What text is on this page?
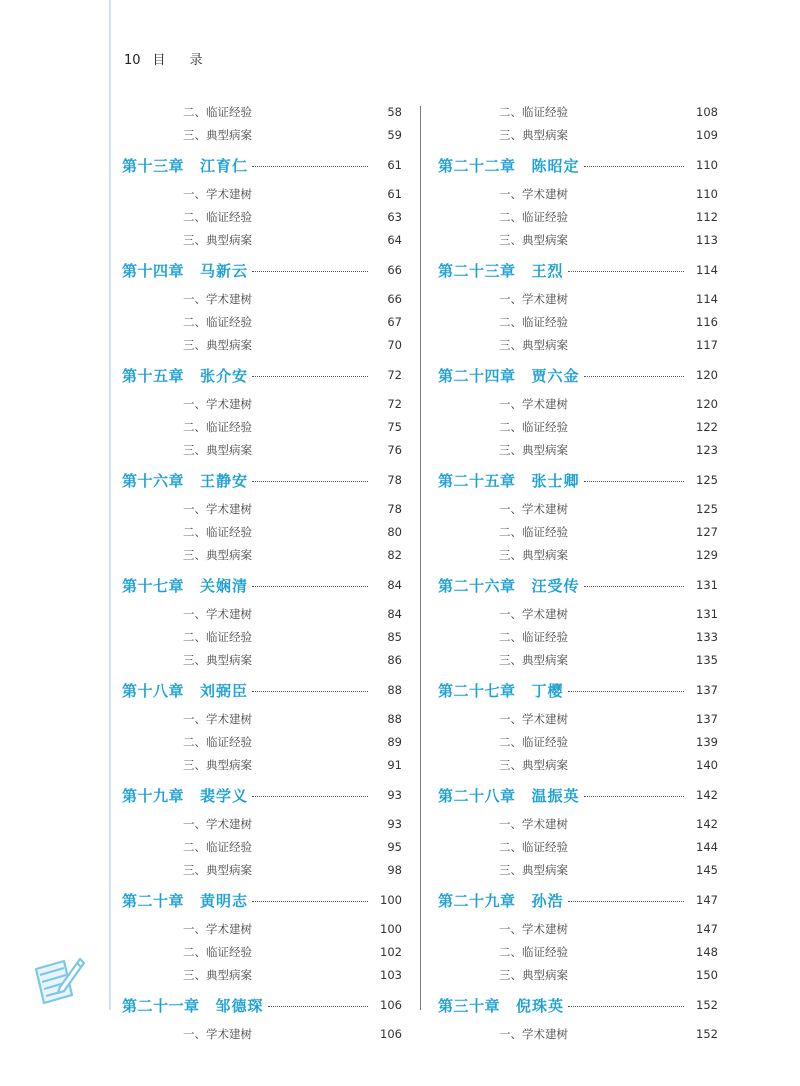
10 目 录
二、临证经验	58
三、典型病案	59
第十三章 江育仁	61
一、学术建树	61
二、临证经验	63
三、典型病案	64
第十四章 马新云	66
一、学术建树	66
二、临证经验	67
三、典型病案	70
第十五章 张介安	72
一、学术建树	72
二、临证经验	75
三、典型病案	76
第十六章 王静安	78
一、学术建树	78
二、临证经验	80
三、典型病案	82
第十七章 关娴清	84
一、学术建树	84
二、临证经验	85
三、典型病案	86
第十八章 刘弼臣	88
一、学术建树	88
二、临证经验	89
三、典型病案	91
第十九章 裴学义	93
一、学术建树	93
二、临证经验	95
三、典型病案	98
第二十章 黄明志	100
一、学术建树	100
二、临证经验	102
三、典型病案	103
第二十一章 邹德琛	106
一、学术建树	106
二、临证经验	108
三、典型病案	109
第二十二章 陈昭定	110
一、学术建树	110
二、临证经验	112
三、典型病案	113
第二十三章 王烈	114
一、学术建树	114
二、临证经验	116
三、典型病案	117
第二十四章 贾六金	120
一、学术建树	120
二、临证经验	122
三、典型病案	123
第二十五章 张士卿	125
一、学术建树	125
二、临证经验	127
三、典型病案	129
第二十六章 汪受传	131
一、学术建树	131
二、临证经验	133
三、典型病案	135
第二十七章 丁樱	137
一、学术建树	137
二、临证经验	139
三、典型病案	140
第二十八章 温振英	142
一、学术建树	142
二、临证经验	144
三、典型病案	145
第二十九章 孙浩	147
一、学术建树	147
二、临证经验	148
三、典型病案	150
第三十章 倪珠英	152
一、学术建树	152
